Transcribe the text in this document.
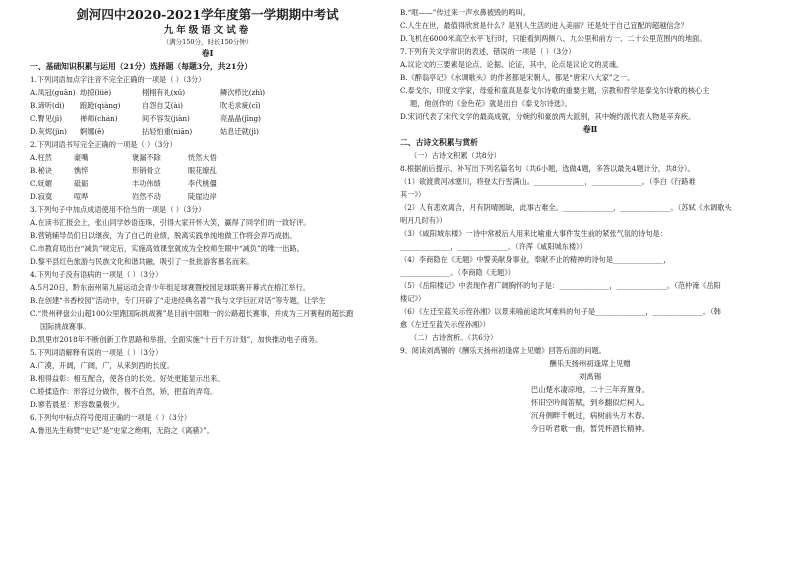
剑河四中2020-2021学年度第一学期期中考试
九年级语文试卷
（满分150分，时长150分钟）
卷Ⅰ
一、基础知识积累与运用（21分）选择题（每题3分，共21分）
1.下列词语加点字注音不完全正确的一项是（ ）（3分）
A.凤冠(guān) 劫掠(lüè)	栩栩有礼(xǔ)	鳞次栉比(zhì)
B.谛听(dì)	踉跄(qiàng)	自怨自艾(ài)	吹毛求疵(cī)
C.臀见(jì)	禅师(chán)	间不容发(jiàn)	亮晶晶(jīng)
D.灰烬(jìn)	婀娜(ē)	拈轻怕重(niān)	姑息迁就(jì)
2.下列词语书写完全正确的一项是（ ）（3分）
A.枉然	豪嘴	褒漏不除	恍然大悟
B.秘诀	憔悴	形销骨立	眼花缭乱
C.妩媚	砥砺	丰功伟绩	李代桃僵
D.寂寞	喧哗	岿然不动	陡崖边岸
3.下列句子中加点成语使用不恰当的一项是（ ）（3分）
A.在读书汇报会上，张山同学妙语连珠，引得大家开怀大笑，赢得了同学们的一致好评。
B.营销辅导员们日以继夜，为了自己的业绩，脱离实践单纯地做工作将会弄巧成拙。
C.市教育局出台“减负”规定后，实施高效课堂就成为全校师生眼中“减负”的唯一出路。
D.黎平县红色旅游与民族文化和谐共融，吸引了一批批游客慕名而来。
4.下列句子没有语病的一项是（ ）（3分）
A.5月20日，黔东南州第九届运动会青少年组足球赛暨校园足球联赛开幕式在榕江举行。
B.在创建“书香校园”活动中，专门开辟了“走进经典名著”“我与文学巨匠对话”等专题，让学生
C.“贵州秤盘公山超100公里跑国际挑战赛”是目前中国唯一的公路超长赛事，并成为三月赛程的超长跑
国际挑战赛事。
D.凯里市2018年不断创新工作思路和举措，全面实施“十百千万计划”，加快推动电子商务。
5.下列词语解释有误的一项是（ ）（3分）
A.广漠，开阔，广阔，广，从来到西的长度。
B.相得益彰：相互配合，使各自的长处、好处更能显示出来。
C.娇揉造作：形容过分做作，极不自然，矫，把直的弄弯。
D.寥若晨星：形容数量极少。
6.下列句中标点符号使用正确的一项是（ ）（3分）
A.鲁迅先生称赞“史记”是“史家之绝唱，无韵之《离骚》”。
B.“哐——”传过来一声水鼻被毁的鸣叫。
C.人生在世，最值得欣赏是什么？是别人生活的进入美丽？还是处于自己宜配的超越信念？
D.飞机在6000米高空水平飞行时，只能看到两侧八、九公里和前方一、二十公里范围内的地面。
7.下列有关文学常识的表述，错误的一项是（ ）（3分）
A.议论文的三要素是论点、论据、论证，其中，论点是议论文的灵魂。
B.《醉翁亭记》《水调歌头》的作者都是宋朝人，都是“唐宋八大家”之一。
C.泰戈尔，印度文学家，母爱和童真是泰戈尔诗歌的重要主题，宗教和哲学是泰戈尔诗歌的核心主
题，他创作的《金色花》就是出自《泰戈尔诗选》。
D.宋词代表了宋代文学的最高成就，分婉约和豪放两大派别，其中婉约派代表人物是辛弃疾。
卷Ⅱ
二、古诗文积累与赏析
（一）古诗文积累（共8分）
8.根据前后提示，补写出下列名篇名句（共6小题，选做4题，多答以最先4题计分，共8分）。
（1）欲渡黄河冰塞川，将登太行雪满山。______________，______________。（李白《行路难
其一》）
（2）人有悲欢离合，月有阴晴圆缺，此事古难全。______________，______________。（苏轼《水调歌头
明月几时有》）
（3）《咸阳城东楼》一诗中常被后人用来比喻重大事件发生前的紧张气氛的诗句是：
______________，______________。（许浑《咸阳城东楼》）
（4）李商隐在《无题》中警美献身事业，奉献不止的精神的诗句是______________，
______________。（李商隐《无题》）
（5）《岳阳楼记》中表现作者广阔胸怀的句子是：______________，______________。（范仲淹《岳阳
楼记》）
（6）《左迁至蓝关示侄孙湘》以景来喻前途坎坷难料的句子是______________，______________。（韩
愈《左迁至蓝关示侄孙湘》）
（二）古诗赏析。（共6分）
9、阅读刘禹锡的《酬乐天扬州初逢席上见赠》回答后面的问题。
酬乐天扬州初逢席上见赠
刘禹锡
巴山楚水凄凉地，二十三年弃置身。
怀旧空吟闻笛赋，到乡翻似烂柯人。
沉舟侧畔千帆过，病树前头万木春。
今日听君歌一曲，暂凭杯酒长精神。
